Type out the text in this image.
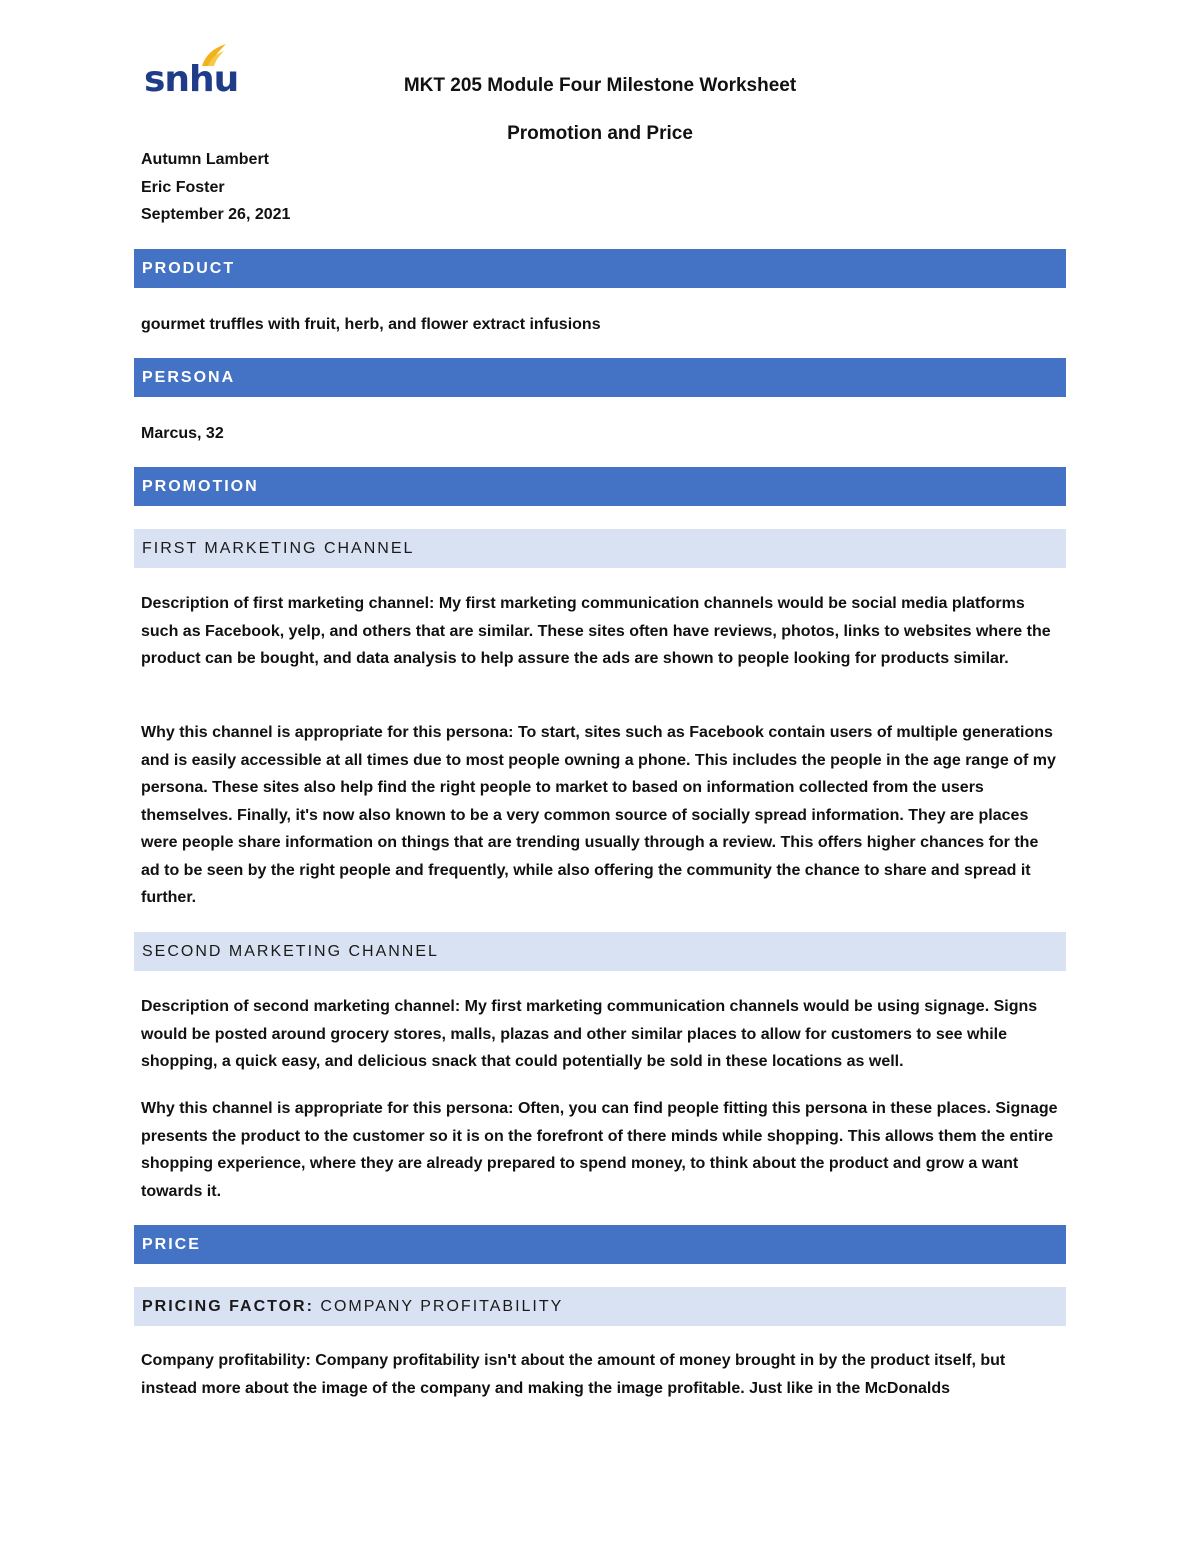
snhu	MKT 205 Module Four Milestone Worksheet
Promotion and Price
Autumn Lambert
Eric Foster
September 26, 2021
PRODUCT
gourmet truffles with fruit, herb, and flower extract infusions
PERSONA
Marcus, 32
PROMOTION
FIRST MARKETING CHANNEL
Description of first marketing channel: My first marketing communication channels would be social media platforms such as Facebook, yelp, and others that are similar. These sites often have reviews, photos, links to websites where the product can be bought, and data analysis to help assure the ads are shown to people looking for products similar.
Why this channel is appropriate for this persona: To start, sites such as Facebook contain users of multiple generations and is easily accessible at all times due to most people owning a phone. This includes the people in the age range of my persona. These sites also help find the right people to market to based on information collected from the users themselves. Finally, it's now also known to be a very common source of socially spread information. They are places were people share information on things that are trending usually through a review. This offers higher chances for the ad to be seen by the right people and frequently, while also offering the community the chance to share and spread it further.
SECOND MARKETING CHANNEL
Description of second marketing channel: My first marketing communication channels would be using signage. Signs would be posted around grocery stores, malls, plazas and other similar places to allow for customers to see while shopping, a quick easy, and delicious snack that could potentially be sold in these locations as well.
Why this channel is appropriate for this persona: Often, you can find people fitting this persona in these places. Signage presents the product to the customer so it is on the forefront of there minds while shopping. This allows them the entire shopping experience, where they are already prepared to spend money, to think about the product and grow a want towards it.
PRICE
PRICING FACTOR: COMPANY PROFITABILITY
Company profitability: Company profitability isn't about the amount of money brought in by the product itself, but instead more about the image of the company and making the image profitable. Just like in the McDonalds
